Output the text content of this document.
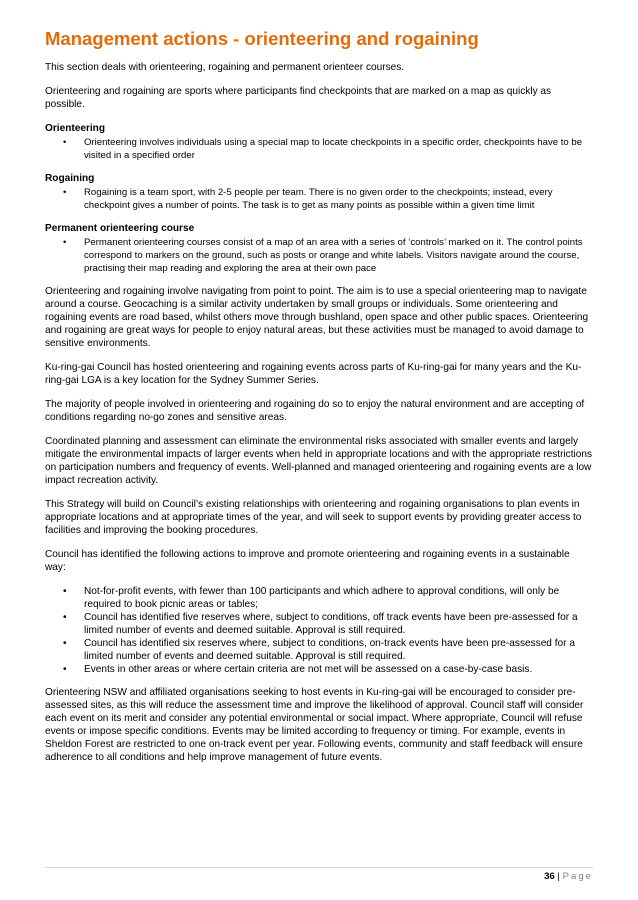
Management actions - orienteering and rogaining

This section deals with orienteering, rogaining and permanent orienteer courses.

Orienteering and rogaining are sports where participants find checkpoints that are marked on a map as quickly as possible.

Orienteering
• Orienteering involves individuals using a special map to locate checkpoints in a specific order, checkpoints have to be visited in a specified order
Rogaining
• Rogaining is a team sport, with 2-5 people per team. There is no given order to the checkpoints; instead, every checkpoint gives a number of points. The task is to get as many points as possible within a given time limit
Permanent orienteering course
• Permanent orienteering courses consist of a map of an area with a series of ‘controls’ marked on it. The control points correspond to markers on the ground, such as posts or orange and white labels. Visitors navigate around the course, practising their map reading and exploring the area at their own pace

Orienteering and rogaining involve navigating from point to point. The aim is to use a special orienteering map to navigate around a course. Geocaching is a similar activity undertaken by small groups or individuals. Some orienteering and rogaining events are road based, whilst others move through bushland, open space and other public spaces. Orienteering and rogaining are great ways for people to enjoy natural areas, but these activities must be managed to avoid damage to sensitive environments.

Ku-ring-gai Council has hosted orienteering and rogaining events across parts of Ku-ring-gai for many years and the Ku-ring-gai LGA is a key location for the Sydney Summer Series.

The majority of people involved in orienteering and rogaining do so to enjoy the natural environment and are accepting of conditions regarding no-go zones and sensitive areas.

Coordinated planning and assessment can eliminate the environmental risks associated with smaller events and largely mitigate the environmental impacts of larger events when held in appropriate locations and with the appropriate restrictions on participation numbers and frequency of events. Well-planned and managed orienteering and rogaining events are a low impact recreation activity.

This Strategy will build on Council’s existing relationships with orienteering and rogaining organisations to plan events in appropriate locations and at appropriate times of the year, and will seek to support events by providing greater access to facilities and improving the booking procedures.

Council has identified the following actions to improve and promote orienteering and rogaining events in a sustainable way:

• Not-for-profit events, with fewer than 100 participants and which adhere to approval conditions, will only be required to book picnic areas or tables;
• Council has identified five reserves where, subject to conditions, off track events have been pre-assessed for a limited number of events and deemed suitable. Approval is still required.
• Council has identified six reserves where, subject to conditions, on-track events have been pre-assessed for a limited number of events and deemed suitable. Approval is still required.
• Events in other areas or where certain criteria are not met will be assessed on a case-by-case basis.

Orienteering NSW and affiliated organisations seeking to host events in Ku-ring-gai will be encouraged to consider pre-assessed sites, as this will reduce the assessment time and improve the likelihood of approval. Council staff will consider each event on its merit and consider any potential environmental or social impact. Where appropriate, Council will refuse events or impose specific conditions. Events may be limited according to frequency or timing. For example, events in Sheldon Forest are restricted to one on-track event per year. Following events, community and staff feedback will ensure adherence to all conditions and help improve management of future events.

36 | Page
